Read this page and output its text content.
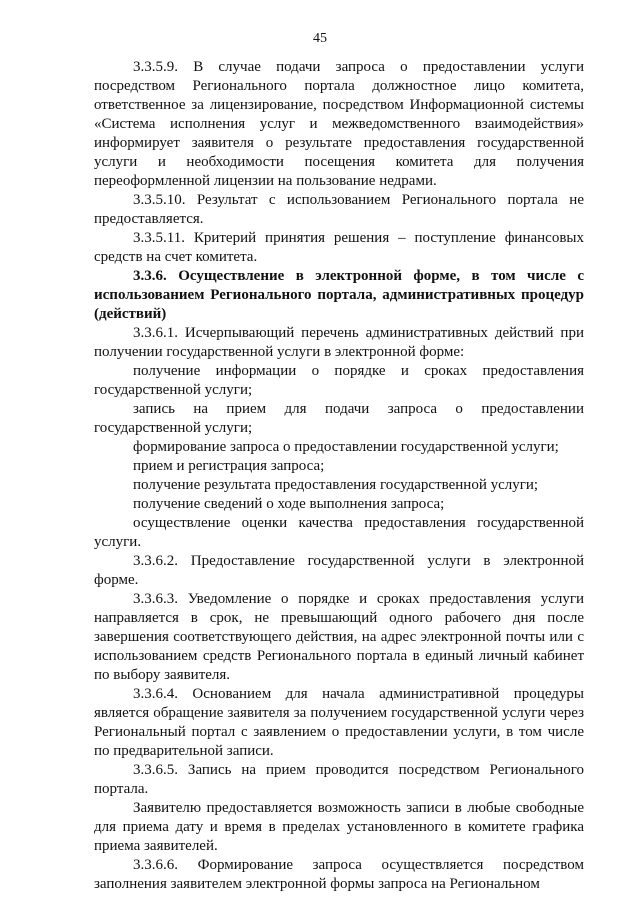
45

3.3.5.9. В случае подачи запроса о предоставлении услуги посредством Регионального портала должностное лицо комитета, ответственное за лицензирование, посредством Информационной системы «Система исполнения услуг и межведомственного взаимодействия» информирует заявителя о результате предоставления государственной услуги и необходимости посещения комитета для получения переоформленной лицензии на пользование недрами.

3.3.5.10. Результат с использованием Регионального портала не предоставляется.

3.3.5.11. Критерий принятия решения – поступление финансовых средств на счет комитета.

3.3.6. Осуществление в электронной форме, в том числе с использованием Регионального портала, административных процедур (действий)

3.3.6.1. Исчерпывающий перечень административных действий при получении государственной услуги в электронной форме:

получение информации о порядке и сроках предоставления государственной услуги;

запись на прием для подачи запроса о предоставлении государственной услуги;

формирование запроса о предоставлении государственной услуги;

прием и регистрация запроса;

получение результата предоставления государственной услуги;

получение сведений о ходе выполнения запроса;

осуществление оценки качества предоставления государственной услуги.

3.3.6.2. Предоставление государственной услуги в электронной форме.

3.3.6.3. Уведомление о порядке и сроках предоставления услуги направляется в срок, не превышающий одного рабочего дня после завершения соответствующего действия, на адрес электронной почты или с использованием средств Регионального портала в единый личный кабинет по выбору заявителя.

3.3.6.4. Основанием для начала административной процедуры является обращение заявителя за получением государственной услуги через Региональный портал с заявлением о предоставлении услуги, в том числе по предварительной записи.

3.3.6.5. Запись на прием проводится посредством Регионального портала.

Заявителю предоставляется возможность записи в любые свободные для приема дату и время в пределах установленного в комитете графика приема заявителей.

3.3.6.6. Формирование запроса осуществляется посредством заполнения заявителем электронной формы запроса на Региональном
